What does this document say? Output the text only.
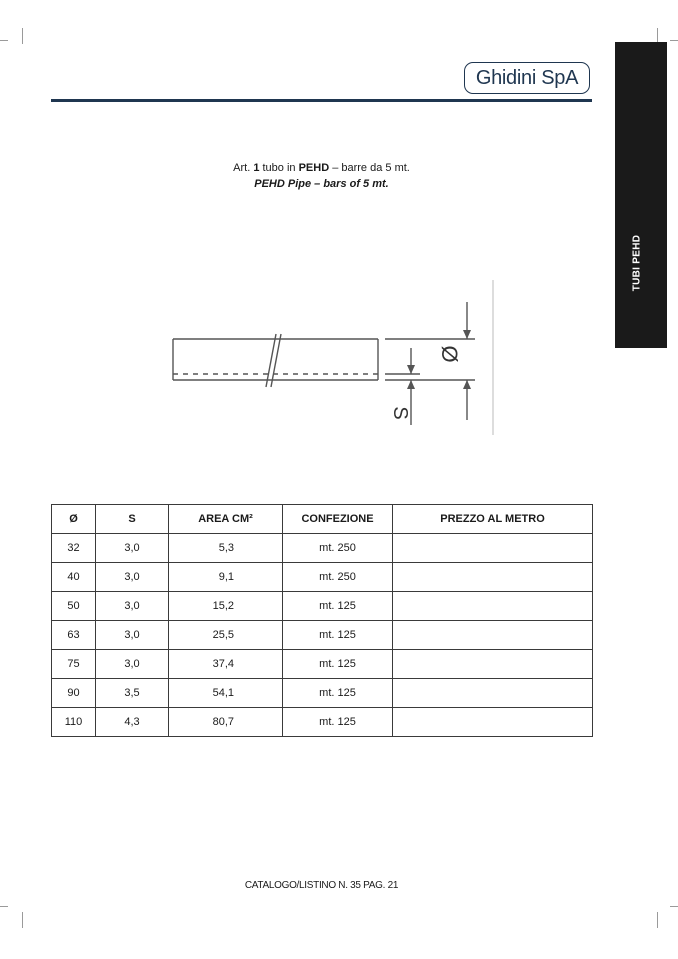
Ghidini SpA
TUBI PEHD
Art. 1 tubo in PEHD – barre da 5 mt.
PEHD Pipe – bars of 5 mt.
Ø
S
Ø	S	AREA CM²	CONFEZIONE	PREZZO AL METRO
32	3,0	5,3	mt. 250	
40	3,0	9,1	mt. 250	
50	3,0	15,2	mt. 125	
63	3,0	25,5	mt. 125	
75	3,0	37,4	mt. 125	
90	3,5	54,1	mt. 125	
110	4,3	80,7	mt. 125	
CATALOGO/LISTINO N. 35 PAG. 21
